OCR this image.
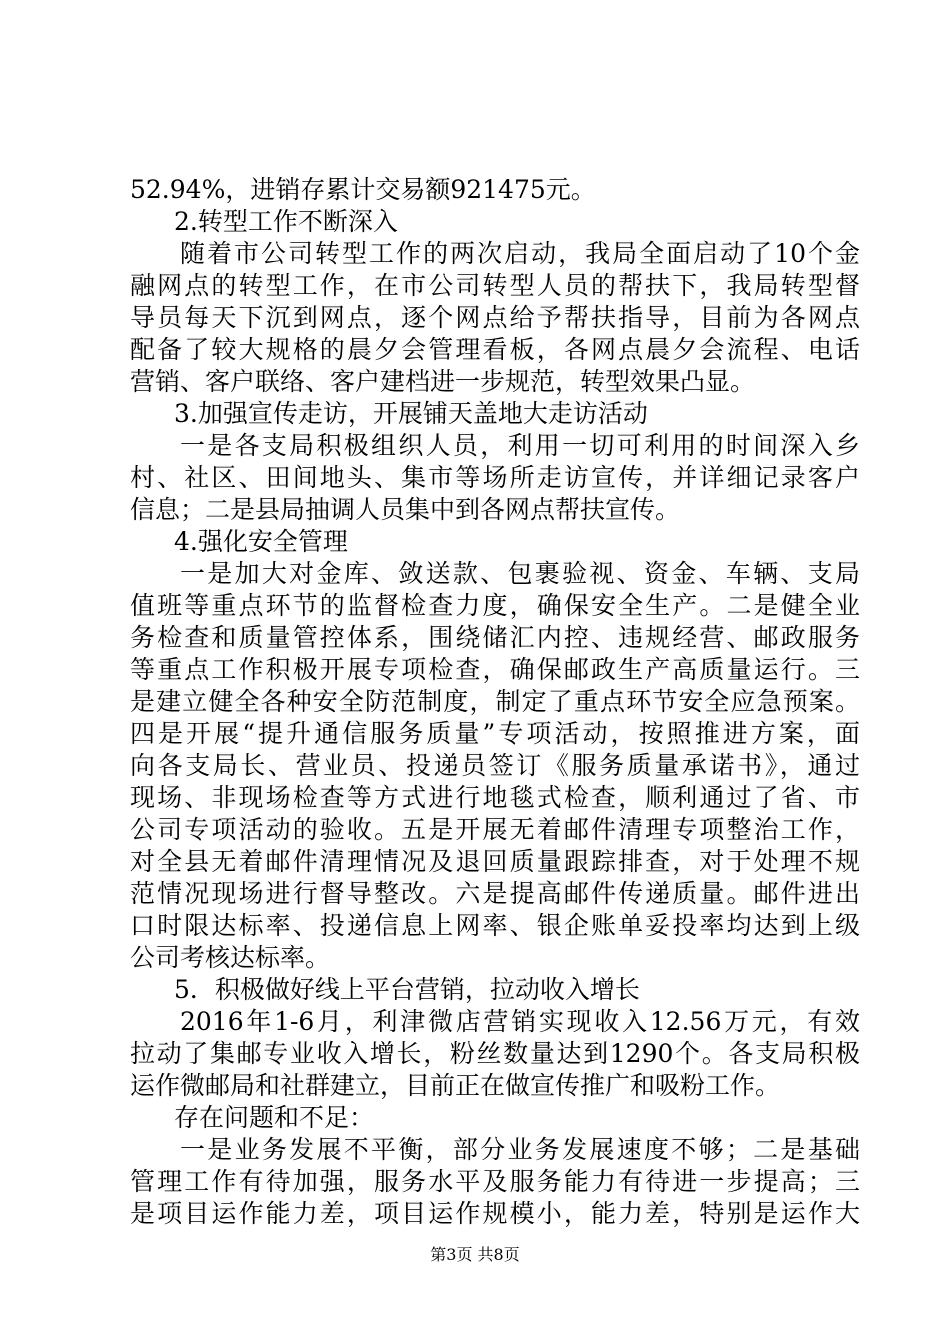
52.94%，进销存累计交易额921475元。
2.转型工作不断深入
随着市公司转型工作的两次启动，我局全面启动了10个金
融网点的转型工作，在市公司转型人员的帮扶下，我局转型督
导员每天下沉到网点，逐个网点给予帮扶指导，目前为各网点
配备了较大规格的晨夕会管理看板，各网点晨夕会流程、电话
营销、客户联络、客户建档进一步规范，转型效果凸显。
3.加强宣传走访，开展铺天盖地大走访活动
一是各支局积极组织人员，利用一切可利用的时间深入乡
村、社区、田间地头、集市等场所走访宣传，并详细记录客户
信息；二是县局抽调人员集中到各网点帮扶宣传。
4.强化安全管理
一是加大对金库、敛送款、包裹验视、资金、车辆、支局
值班等重点环节的监督检查力度，确保安全生产。二是健全业
务检查和质量管控体系，围绕储汇内控、违规经营、邮政服务
等重点工作积极开展专项检查，确保邮政生产高质量运行。三
是建立健全各种安全防范制度，制定了重点环节安全应急预案。
四是开展“提升通信服务质量”专项活动，按照推进方案，面
向各支局长、营业员、投递员签订《服务质量承诺书》，通过
现场、非现场检查等方式进行地毯式检查，顺利通过了省、市
公司专项活动的验收。五是开展无着邮件清理专项整治工作，
对全县无着邮件清理情况及退回质量跟踪排查，对于处理不规
范情况现场进行督导整改。六是提高邮件传递质量。邮件进出
口时限达标率、投递信息上网率、银企账单妥投率均达到上级
公司考核达标率。
5．积极做好线上平台营销，拉动收入增长
2016年1-6月，利津微店营销实现收入12.56万元，有效
拉动了集邮专业收入增长，粉丝数量达到1290个。各支局积极
运作微邮局和社群建立，目前正在做宣传推广和吸粉工作。
存在问题和不足：
一是业务发展不平衡，部分业务发展速度不够；二是基础
管理工作有待加强，服务水平及服务能力有待进一步提高；三
是项目运作能力差，项目运作规模小，能力差，特别是运作大
第3页 共8页
